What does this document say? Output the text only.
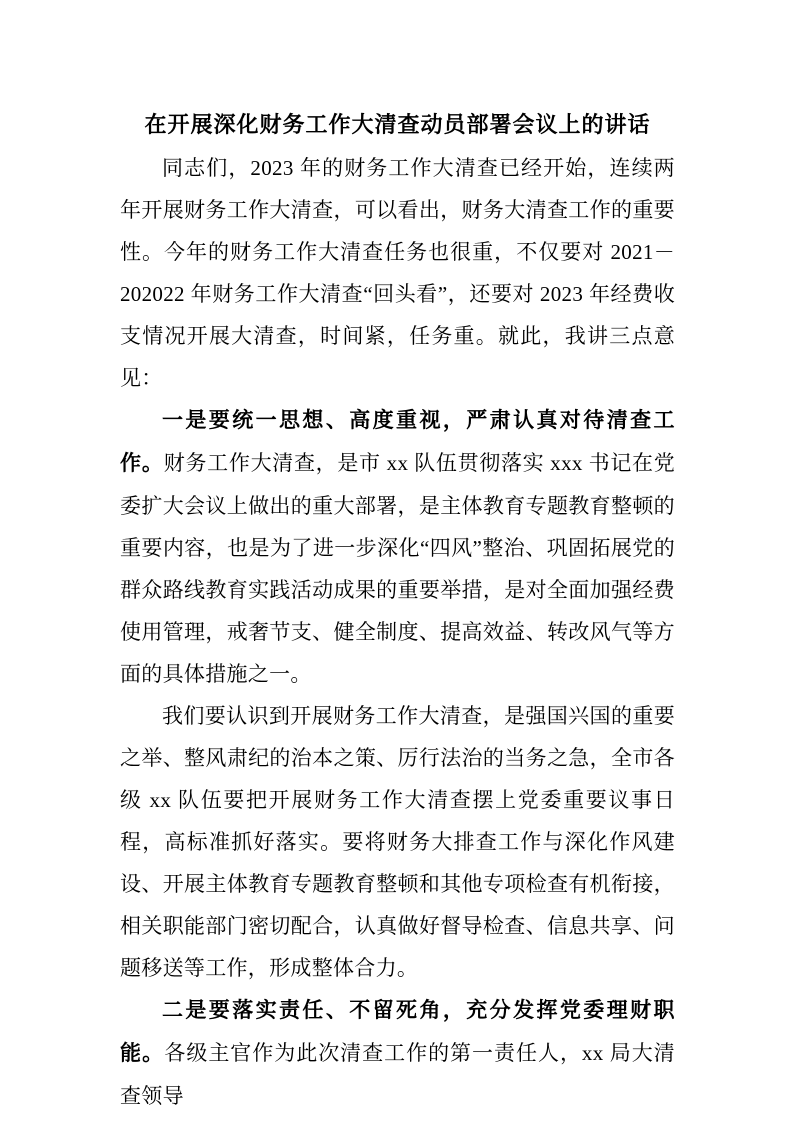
在开展深化财务工作大清查动员部署会议上的讲话

同志们，2023 年的财务工作大清查已经开始，连续两年开展财务工作大清查，可以看出，财务大清查工作的重要性。今年的财务工作大清查任务也很重，不仅要对 2021－202022 年财务工作大清查“回头看”，还要对 2023 年经费收支情况开展大清查，时间紧，任务重。就此，我讲三点意见：

一是要统一思想、高度重视，严肃认真对待清查工作。财务工作大清查，是市 xx 队伍贯彻落实 xxx 书记在党委扩大会议上做出的重大部署，是主体教育专题教育整顿的重要内容，也是为了进一步深化“四风”整治、巩固拓展党的群众路线教育实践活动成果的重要举措，是对全面加强经费使用管理，戒奢节支、健全制度、提高效益、转改风气等方面的具体措施之一。

我们要认识到开展财务工作大清查，是强国兴国的重要之举、整风肃纪的治本之策、厉行法治的当务之急，全市各级 xx 队伍要把开展财务工作大清查摆上党委重要议事日程，高标准抓好落实。要将财务大排查工作与深化作风建设、开展主体教育专题教育整顿和其他专项检查有机衔接，相关职能部门密切配合，认真做好督导检查、信息共享、问题移送等工作，形成整体合力。

二是要落实责任、不留死角，充分发挥党委理财职能。各级主官作为此次清查工作的第一责任人，xx 局大清查领导
